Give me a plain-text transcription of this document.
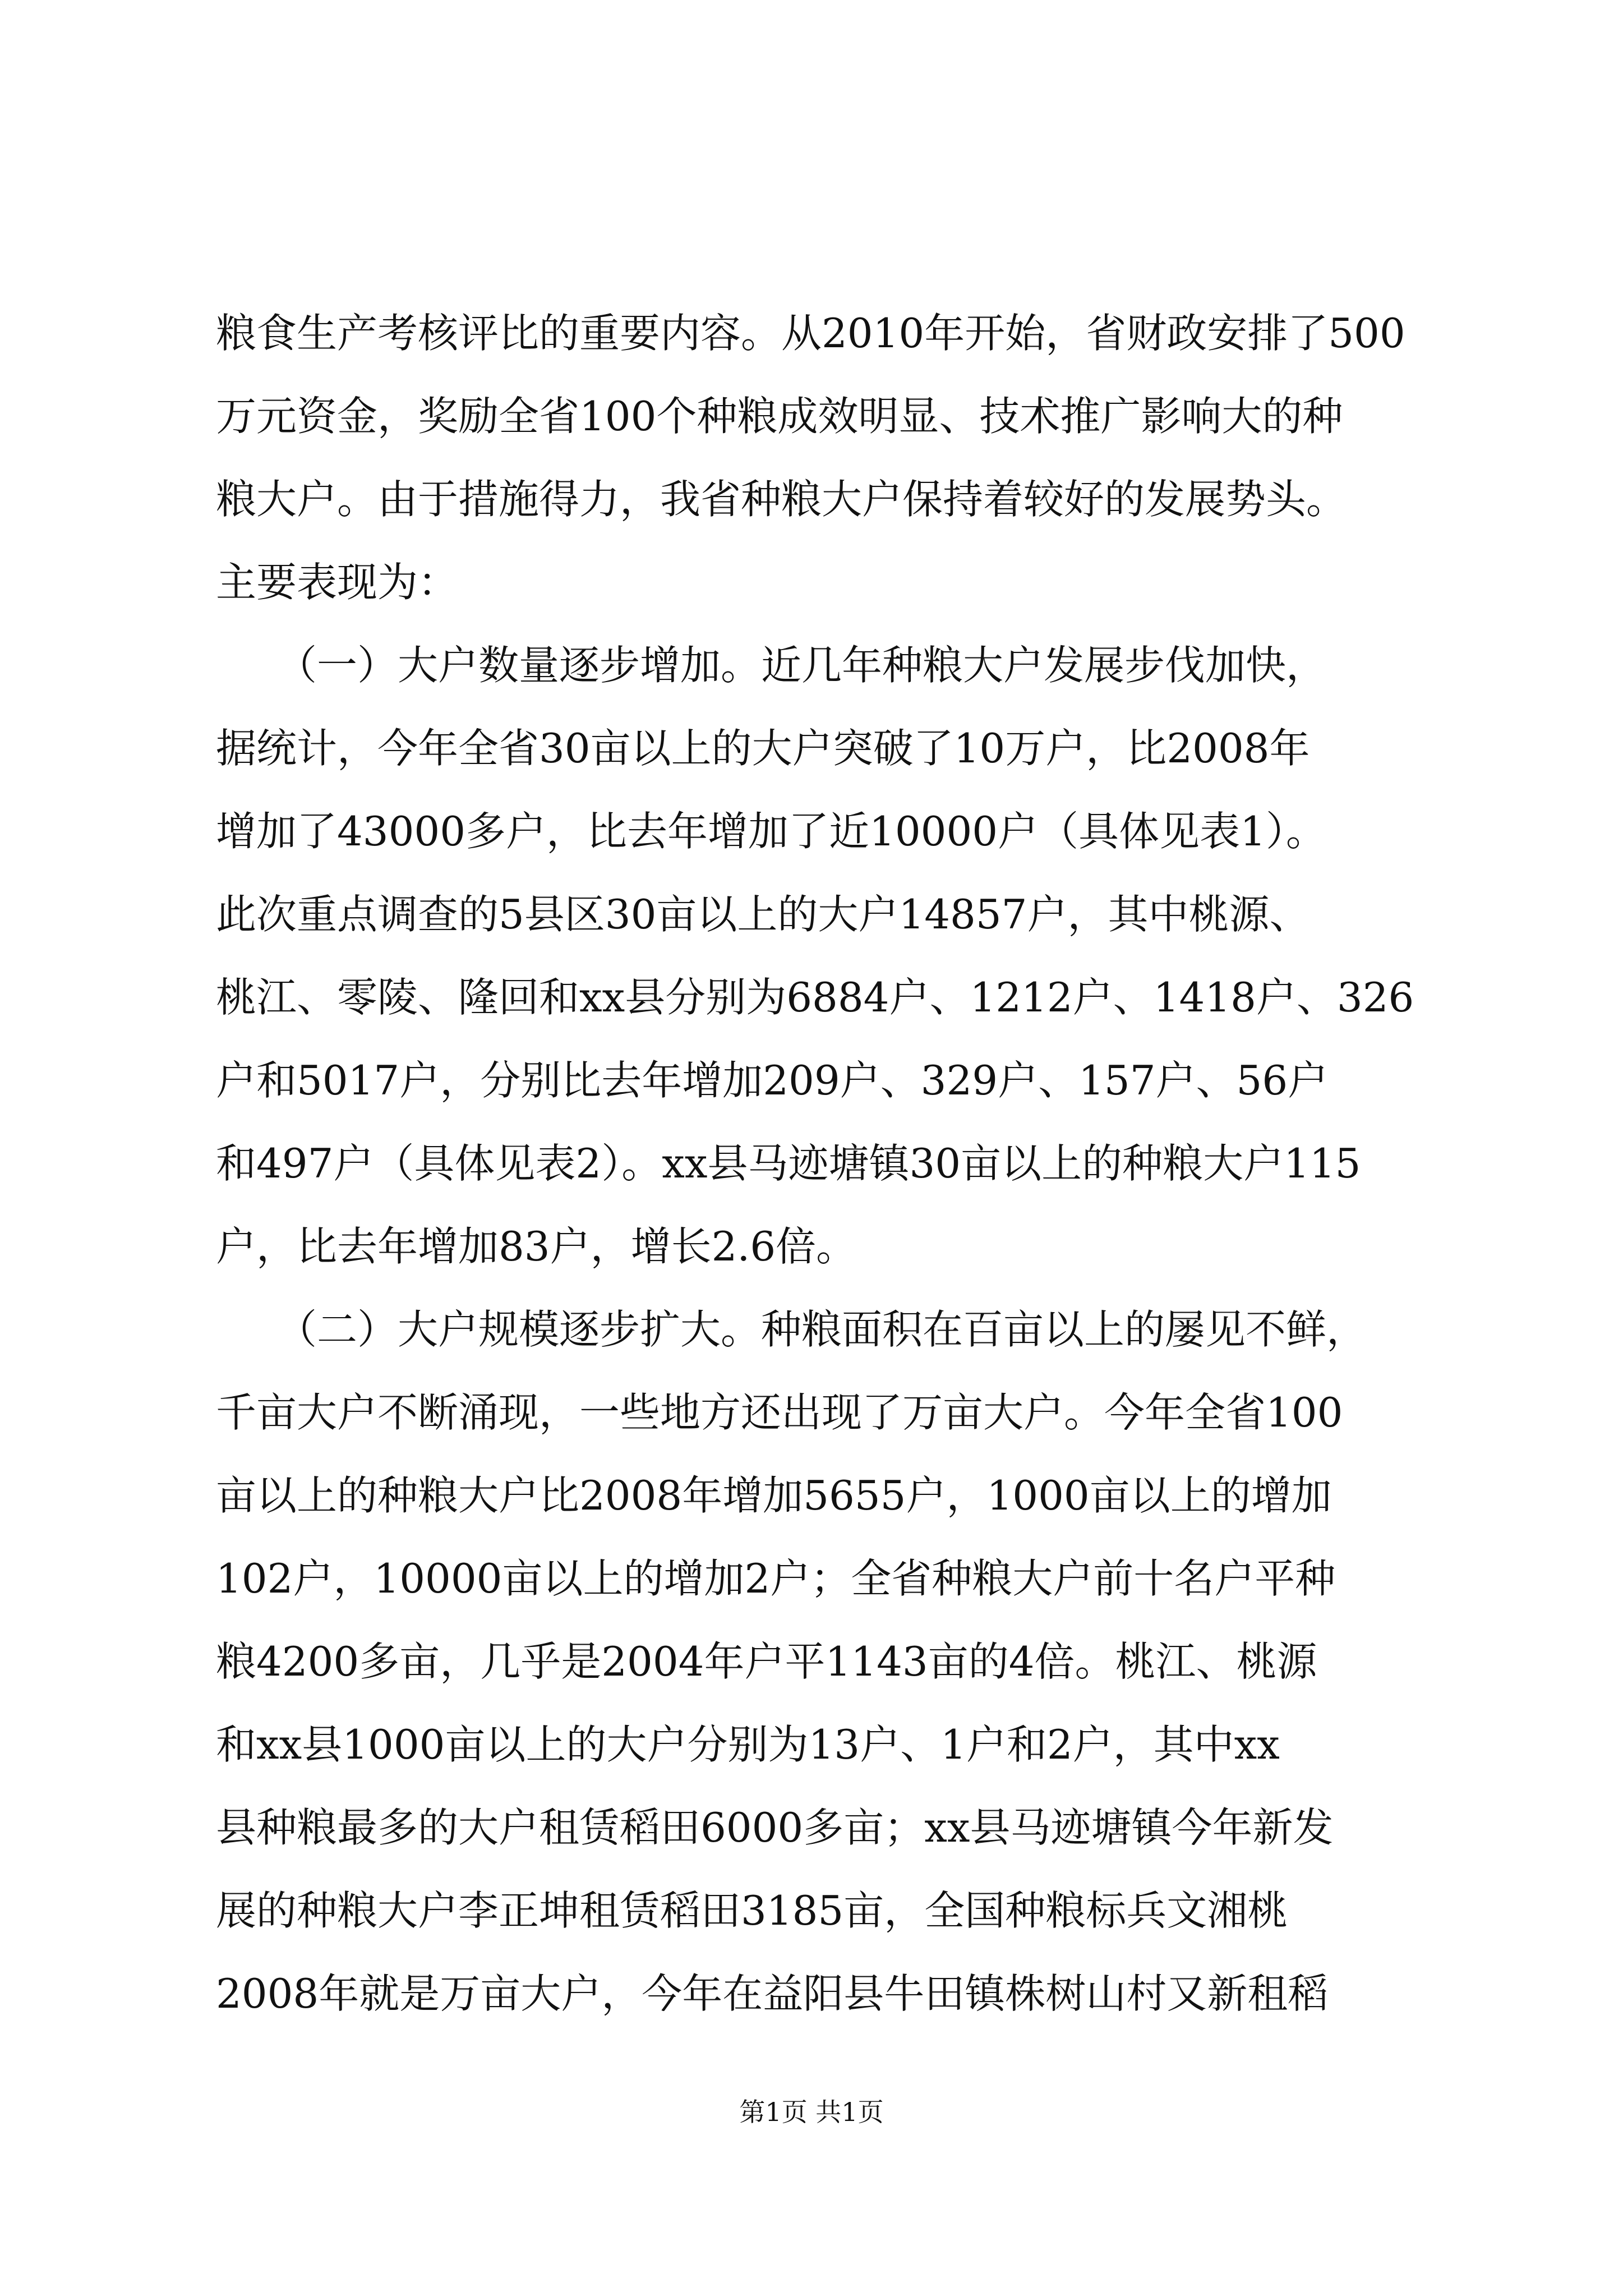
粮食生产考核评比的重要内容。从2010年开始，省财政安排了500
万元资金，奖励全省100个种粮成效明显、技术推广影响大的种
粮大户。由于措施得力，我省种粮大户保持着较好的发展势头。
主要表现为：
　　（一）大户数量逐步增加。近几年种粮大户发展步伐加快，
据统计，今年全省30亩以上的大户突破了10万户，比2008年
增加了43000多户，比去年增加了近10000户（具体见表1）。
此次重点调查的5县区30亩以上的大户14857户，其中桃源、
桃江、零陵、隆回和xx县分别为6884户、1212户、1418户、326
户和5017户，分别比去年增加209户、329户、157户、56户
和497户（具体见表2）。xx县马迹塘镇30亩以上的种粮大户115
户，比去年增加83户，增长2.6倍。
　　（二）大户规模逐步扩大。种粮面积在百亩以上的屡见不鲜，
千亩大户不断涌现，一些地方还出现了万亩大户。今年全省100
亩以上的种粮大户比2008年增加5655户，1000亩以上的增加
102户，10000亩以上的增加2户；全省种粮大户前十名户平种
粮4200多亩，几乎是2004年户平1143亩的4倍。桃江、桃源
和xx县1000亩以上的大户分别为13户、1户和2户，其中xx
县种粮最多的大户租赁稻田6000多亩；xx县马迹塘镇今年新发
展的种粮大户李正坤租赁稻田3185亩，全国种粮标兵文湘桃
2008年就是万亩大户，今年在益阳县牛田镇株树山村又新租稻
第1页 共1页
